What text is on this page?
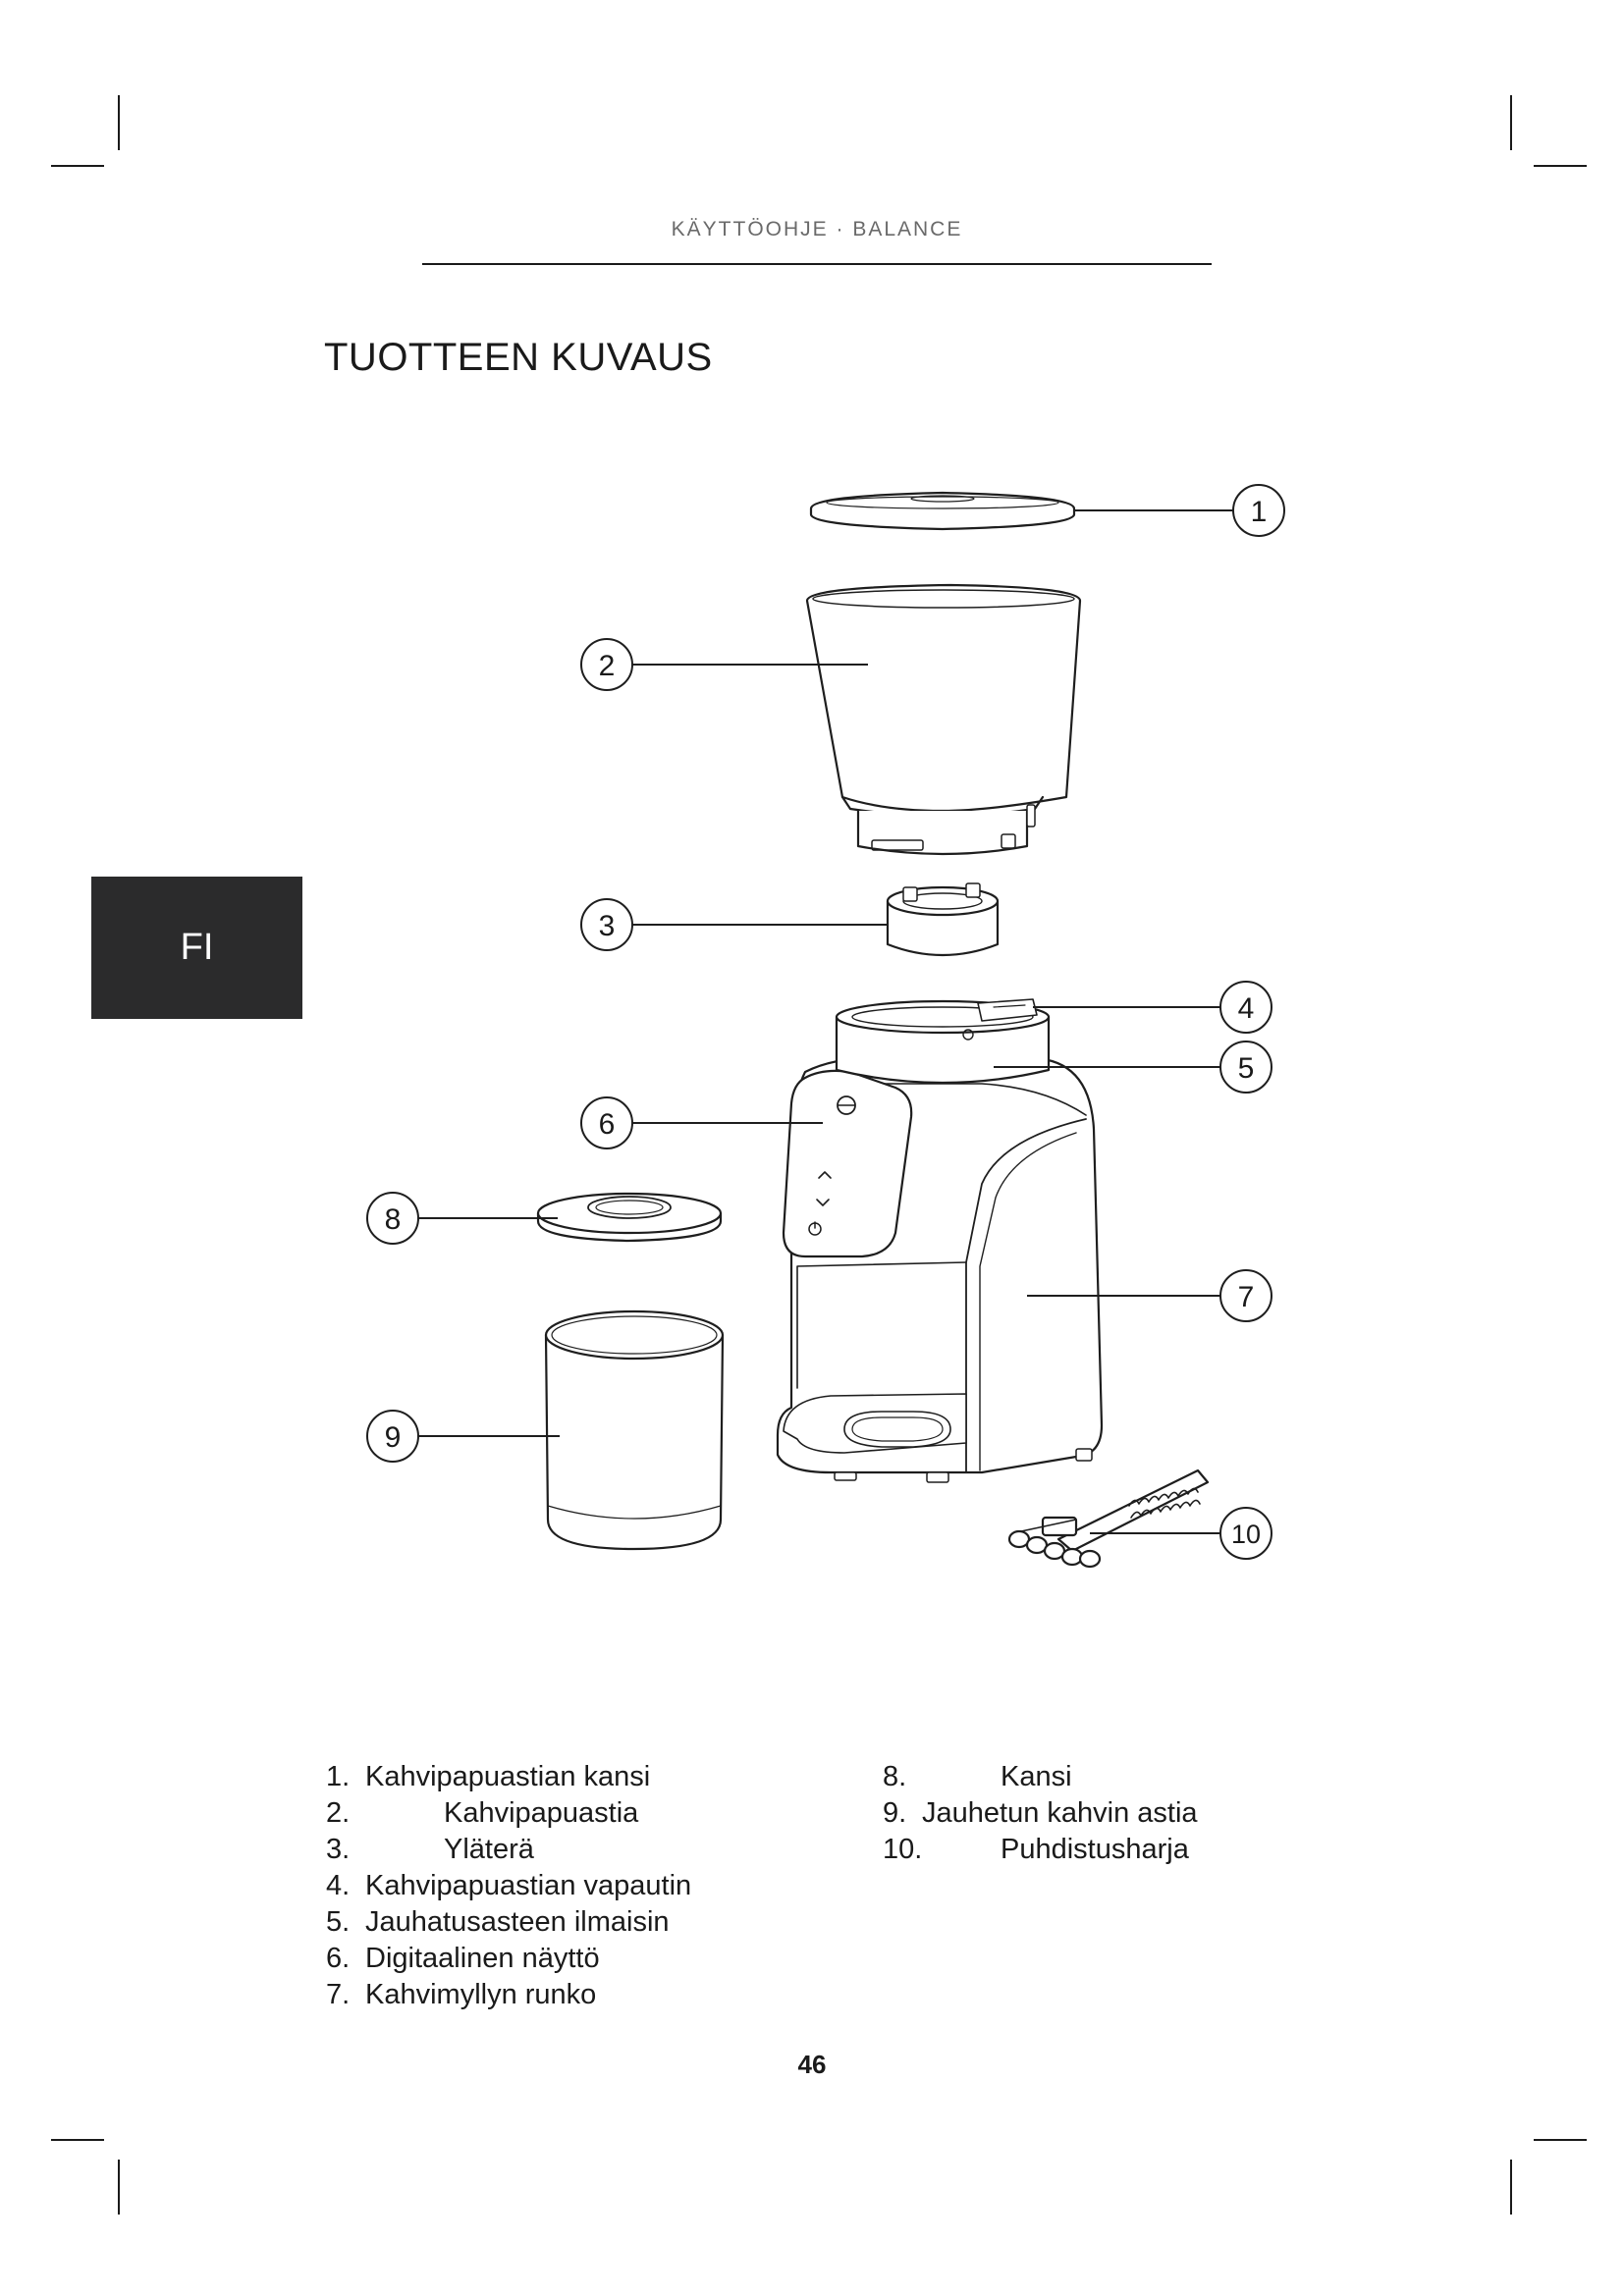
KÄYTTÖOHJE · BALANCE
TUOTTEEN KUVAUS
FI
1
2
3
4
5
6
7
8
9
10
1. Kahvipapuastian kansi
2.	Kahvipapuastia
3.	Yläterä
4. Kahvipapuastian vapautin
5. Jauhatusasteen ilmaisin
6. Digitaalinen näyttö
7. Kahvimyllyn runko
8.	Kansi
9. Jauhetun kahvin astia
10.	Puhdistusharja
46
